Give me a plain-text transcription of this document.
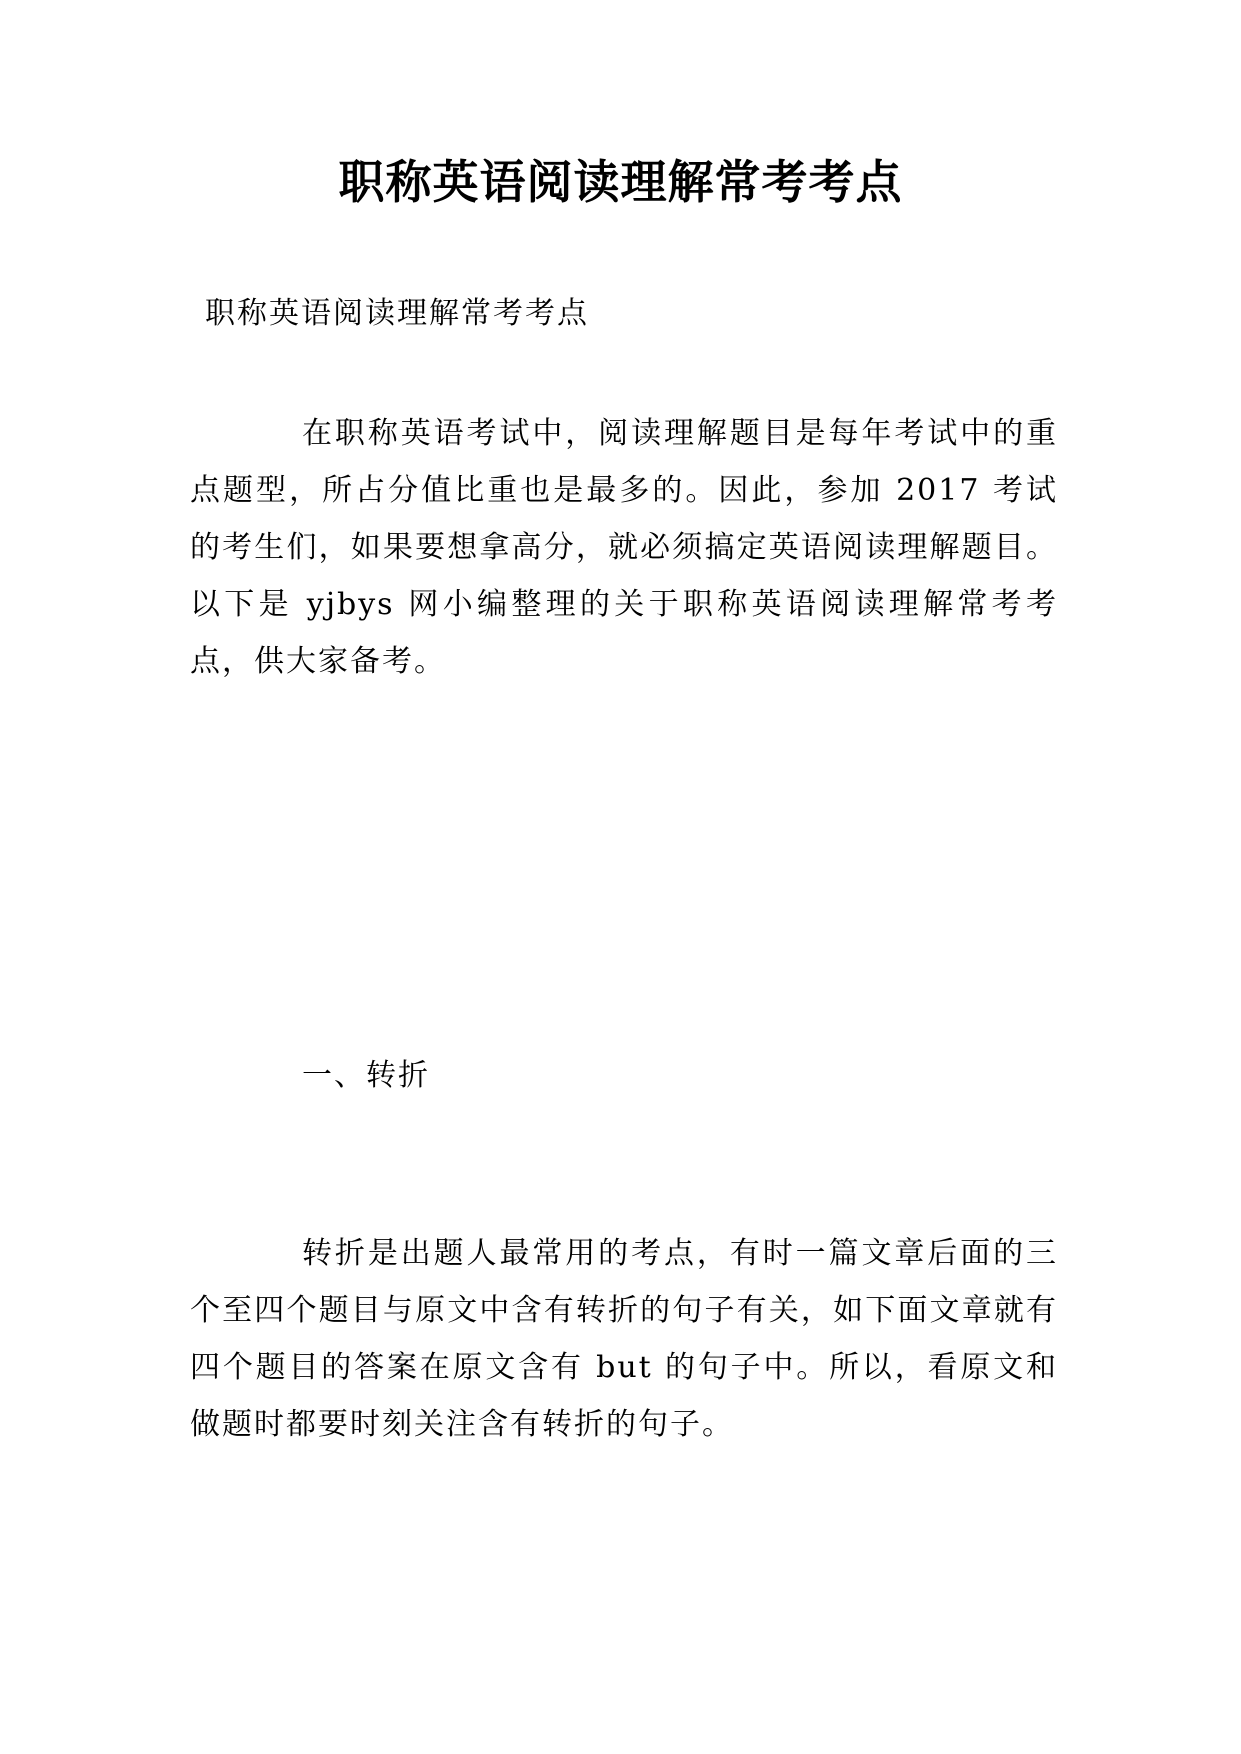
职称英语阅读理解常考考点

职称英语阅读理解常考考点

在职称英语考试中，阅读理解题目是每年考试中的重点题型，所占分值比重也是最多的。因此，参加 2017 考试的考生们，如果要想拿高分，就必须搞定英语阅读理解题目。以下是 yjbys 网小编整理的关于职称英语阅读理解常考考点，供大家备考。

一、转折

转折是出题人最常用的考点，有时一篇文章后面的三个至四个题目与原文中含有转折的句子有关，如下面文章就有四个题目的答案在原文含有 but 的句子中。所以，看原文和做题时都要时刻关注含有转折的句子。
